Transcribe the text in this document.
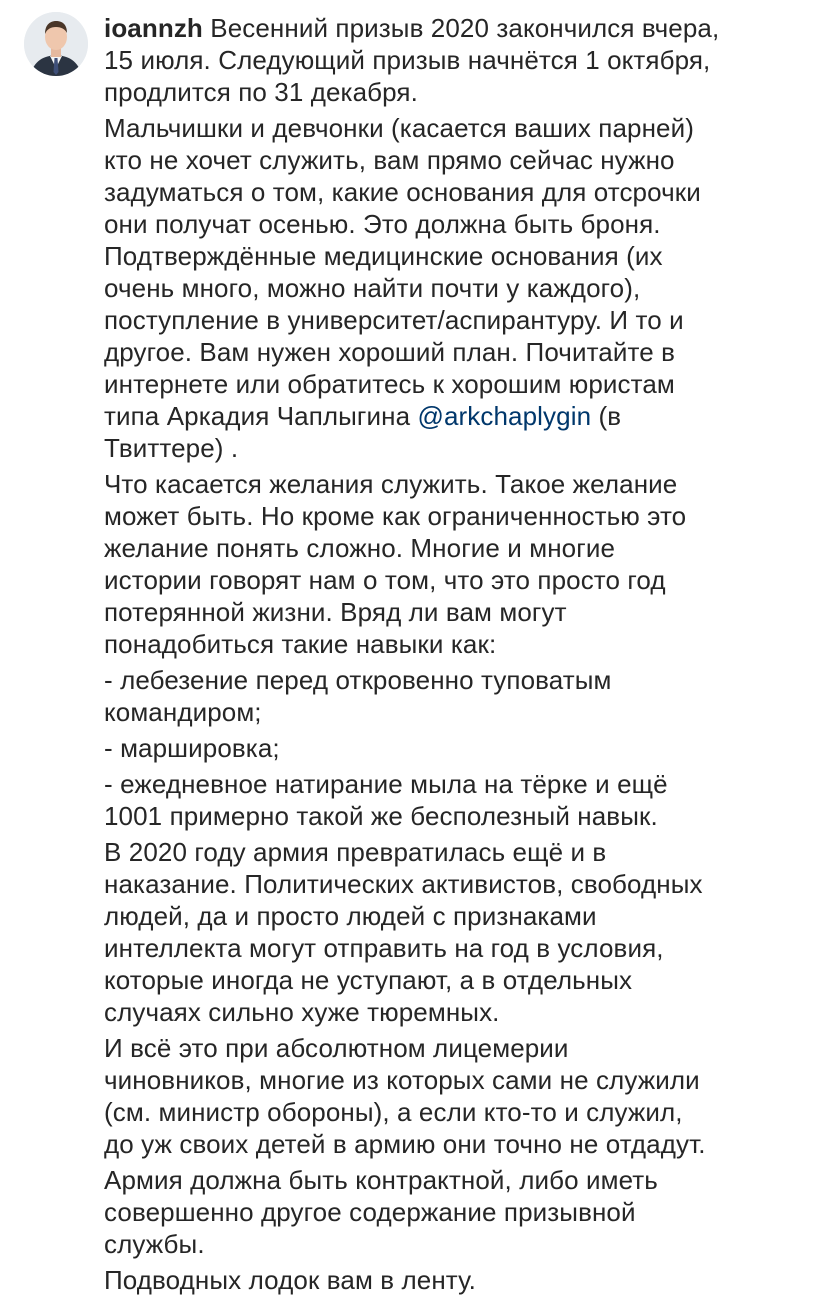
ioannzh Весенний призыв 2020 закончился вчера,
15 июля. Следующий призыв начнётся 1 октября,
продлится по 31 декабря.

Мальчишки и девчонки (касается ваших парней)
кто не хочет служить, вам прямо сейчас нужно
задуматься о том, какие основания для отсрочки
они получат осенью. Это должна быть броня.
Подтверждённые медицинские основания (их
очень много, можно найти почти у каждого),
поступление в университет/аспирантуру. И то и
другое. Вам нужен хороший план. Почитайте в
интернете или обратитесь к хорошим юристам
типа Аркадия Чаплыгина @arkchaplygin (в
Твиттере) .

Что касается желания служить. Такое желание
может быть. Но кроме как ограниченностью это
желание понять сложно. Многие и многие
истории говорят нам о том, что это просто год
потерянной жизни. Вряд ли вам могут
понадобиться такие навыки как:

- лебезение перед откровенно туповатым
командиром;

- маршировка;

- ежедневное натирание мыла на тёрке и ещё
1001 примерно такой же бесполезный навык.

В 2020 году армия превратилась ещё и в
наказание. Политических активистов, свободных
людей, да и просто людей с признаками
интеллекта могут отправить на год в условия,
которые иногда не уступают, а в отдельных
случаях сильно хуже тюремных.

И всё это при абсолютном лицемерии
чиновников, многие из которых сами не служили
(см. министр обороны), а если кто-то и служил,
до уж своих детей в армию они точно не отдадут.

Армия должна быть контрактной, либо иметь
совершенно другое содержание призывной
службы.

Подводных лодок вам в ленту.
